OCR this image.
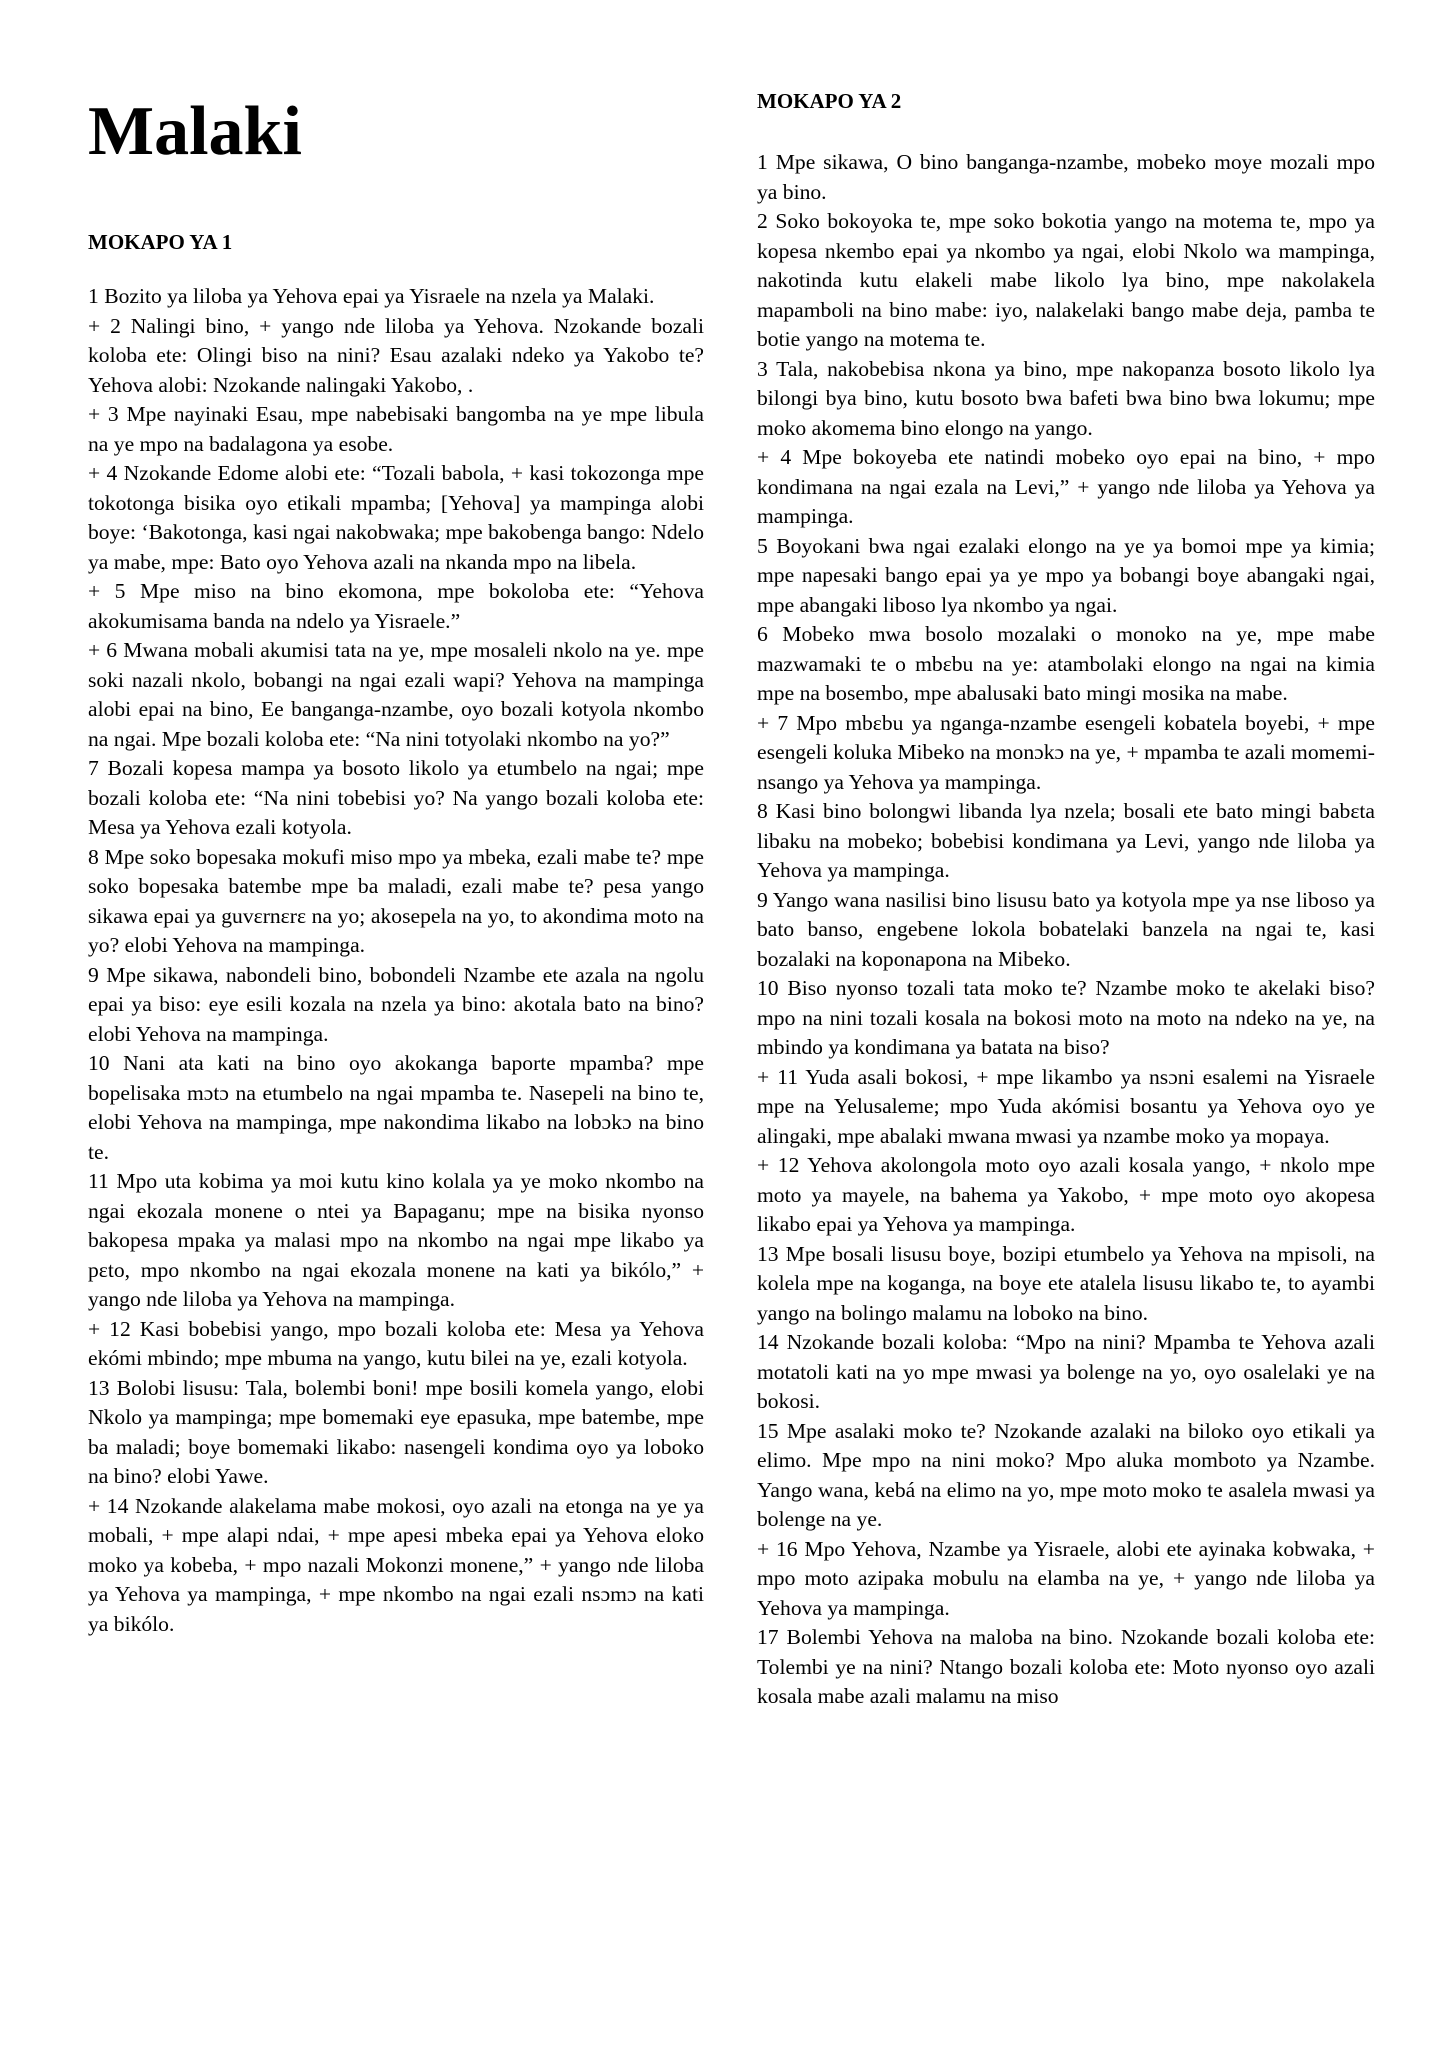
Malaki
MOKAPO YA 1

1 Bozito ya liloba ya Yehova epai ya Yisraele na nzela ya Malaki.

+ 2 Nalingi bino, + yango nde liloba ya Yehova. Nzokande bozali koloba ete: Olingi biso na nini? Esau azalaki ndeko ya Yakobo te? Yehova alobi: Nzokande nalingaki Yakobo, .

+ 3 Mpe nayinaki Esau, mpe nabebisaki bangomba na ye mpe libula na ye mpo na badalagona ya esobe.

+ 4 Nzokande Edome alobi ete: “Tozali babola, + kasi tokozonga mpe tokotonga bisika oyo etikali mpamba; [Yehova] ya mampinga alobi boye: ‘Bakotonga, kasi ngai nakobwaka; mpe bakobenga bango: Ndelo ya mabe, mpe: Bato oyo Yehova azali na nkanda mpo na libela.

+ 5 Mpe miso na bino ekomona, mpe bokoloba ete: “Yehova akokumisama banda na ndelo ya Yisraele.”

+ 6 Mwana mobali akumisi tata na ye, mpe mosaleli nkolo na ye. mpe soki nazali nkolo, bobangi na ngai ezali wapi? Yehova na mampinga alobi epai na bino, Ee banganga-nzambe, oyo bozali kotyola nkombo na ngai. Mpe bozali koloba ete: “Na nini totyolaki nkombo na yo?”

7 Bozali kopesa mampa ya bosoto likolo ya etumbelo na ngai; mpe bozali koloba ete: “Na nini tobebisi yo? Na yango bozali koloba ete: Mesa ya Yehova ezali kotyola.

8 Mpe soko bopesaka mokufi miso mpo ya mbeka, ezali mabe te? mpe soko bopesaka batembe mpe ba maladi, ezali mabe te? pesa yango sikawa epai ya guvɛrnɛrɛ na yo; akosepela na yo, to akondima moto na yo? elobi Yehova na mampinga.

9 Mpe sikawa, nabondeli bino, bobondeli Nzambe ete azala na ngolu epai ya biso: eye esili kozala na nzela ya bino: akotala bato na bino? elobi Yehova na mampinga.

10 Nani ata kati na bino oyo akokanga baporte mpamba? mpe bopelisaka mɔtɔ na etumbelo na ngai mpamba te. Nasepeli na bino te, elobi Yehova na mampinga, mpe nakondima likabo na lobɔkɔ na bino te.

11 Mpo uta kobima ya moi kutu kino kolala ya ye moko nkombo na ngai ekozala monene o ntei ya Bapaganu; mpe na bisika nyonso bakopesa mpaka ya malasi mpo na nkombo na ngai mpe likabo ya pɛto, mpo nkombo na ngai ekozala monene na kati ya bikólo,” + yango nde liloba ya Yehova na mampinga.

+ 12 Kasi bobebisi yango, mpo bozali koloba ete: Mesa ya Yehova ekómi mbindo; mpe mbuma na yango, kutu bilei na ye, ezali kotyola.

13 Bolobi lisusu: Tala, bolembi boni! mpe bosili komela yango, elobi Nkolo ya mampinga; mpe bomemaki eye epasuka, mpe batembe, mpe ba maladi; boye bomemaki likabo: nasengeli kondima oyo ya loboko na bino? elobi Yawe.

+ 14 Nzokande alakelama mabe mokosi, oyo azali na etonga na ye ya mobali, + mpe alapi ndai, + mpe apesi mbeka epai ya Yehova eloko moko ya kobeba, + mpo nazali Mokonzi monene,” + yango nde liloba ya Yehova ya mampinga, + mpe nkombo na ngai ezali nsɔmɔ na kati ya bikólo.

MOKAPO YA 2

1 Mpe sikawa, O bino banganga-nzambe, mobeko moye mozali mpo ya bino.

2 Soko bokoyoka te, mpe soko bokotia yango na motema te, mpo ya kopesa nkembo epai ya nkombo ya ngai, elobi Nkolo wa mampinga, nakotinda kutu elakeli mabe likolo lya bino, mpe nakolakela mapamboli na bino mabe: iyo, nalakelaki bango mabe deja, pamba te botie yango na motema te.

3 Tala, nakobebisa nkona ya bino, mpe nakopanza bosoto likolo lya bilongi bya bino, kutu bosoto bwa bafeti bwa bino bwa lokumu; mpe moko akomema bino elongo na yango.

+ 4 Mpe bokoyeba ete natindi mobeko oyo epai na bino, + mpo kondimana na ngai ezala na Levi,” + yango nde liloba ya Yehova ya mampinga.

5 Boyokani bwa ngai ezalaki elongo na ye ya bomoi mpe ya kimia; mpe napesaki bango epai ya ye mpo ya bobangi boye abangaki ngai, mpe abangaki liboso lya nkombo ya ngai.

6 Mobeko mwa bosolo mozalaki o monoko na ye, mpe mabe mazwamaki te o mbɛbu na ye: atambolaki elongo na ngai na kimia mpe na bosembo, mpe abalusaki bato mingi mosika na mabe.

+ 7 Mpo mbɛbu ya nganga-nzambe esengeli kobatela boyebi, + mpe esengeli koluka Mibeko na monɔkɔ na ye, + mpamba te azali momemi-nsango ya Yehova ya mampinga.

8 Kasi bino bolongwi libanda lya nzela; bosali ete bato mingi babɛta libaku na mobeko; bobebisi kondimana ya Levi, yango nde liloba ya Yehova ya mampinga.

9 Yango wana nasilisi bino lisusu bato ya kotyola mpe ya nse liboso ya bato banso, engebene lokola bobatelaki banzela na ngai te, kasi bozalaki na koponapona na Mibeko.

10 Biso nyonso tozali tata moko te? Nzambe moko te akelaki biso? mpo na nini tozali kosala na bokosi moto na moto na ndeko na ye, na mbindo ya kondimana ya batata na biso?

+ 11 Yuda asali bokosi, + mpe likambo ya nsɔni esalemi na Yisraele mpe na Yelusaleme; mpo Yuda akómisi bosantu ya Yehova oyo ye alingaki, mpe abalaki mwana mwasi ya nzambe moko ya mopaya.

+ 12 Yehova akolongola moto oyo azali kosala yango, + nkolo mpe moto ya mayele, na bahema ya Yakobo, + mpe moto oyo akopesa likabo epai ya Yehova ya mampinga.

13 Mpe bosali lisusu boye, bozipi etumbelo ya Yehova na mpisoli, na kolela mpe na koganga, na boye ete atalela lisusu likabo te, to ayambi yango na bolingo malamu na loboko na bino.

14 Nzokande bozali koloba: “Mpo na nini? Mpamba te Yehova azali motatoli kati na yo mpe mwasi ya bolenge na yo, oyo osalelaki ye na bokosi.

15 Mpe asalaki moko te? Nzokande azalaki na biloko oyo etikali ya elimo. Mpe mpo na nini moko? Mpo aluka momboto ya Nzambe. Yango wana, kebá na elimo na yo, mpe moto moko te asalela mwasi ya bolenge na ye.

+ 16 Mpo Yehova, Nzambe ya Yisraele, alobi ete ayinaka kobwaka, + mpo moto azipaka mobulu na elamba na ye, + yango nde liloba ya Yehova ya mampinga.

17 Bolembi Yehova na maloba na bino. Nzokande bozali koloba ete: Tolembi ye na nini? Ntango bozali koloba ete: Moto nyonso oyo azali kosala mabe azali malamu na miso
